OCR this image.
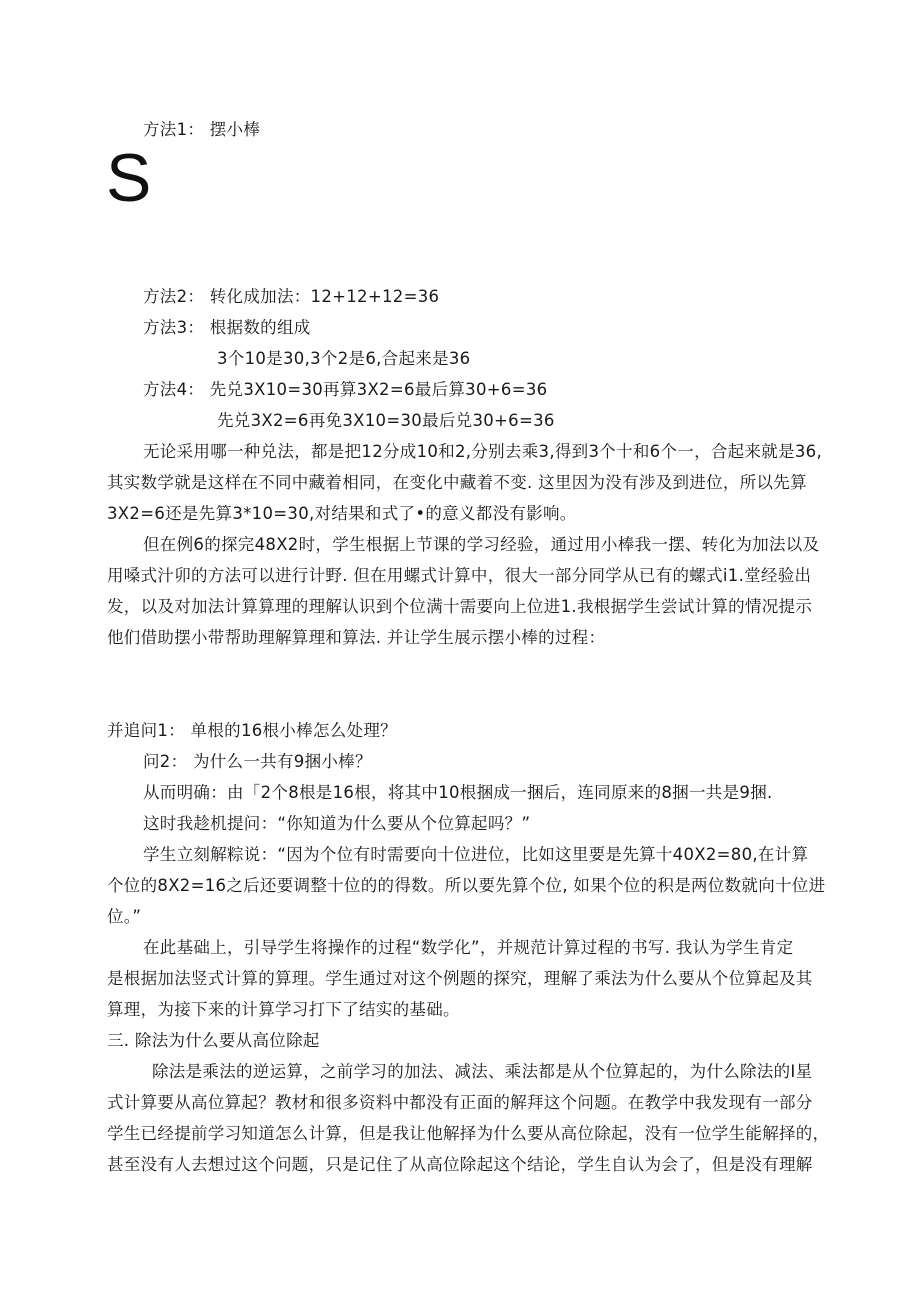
方法1： 摆小棒
S
方法2： 转化成加法：12+12+12=36
方法3： 根据数的组成
3个10是30,3个2是6,合起来是36
方法4： 先兑3X10=30再算3X2=6最后算30+6=36
先兑3X2=6再免3X10=30最后兑30+6=36
无论采用哪一种兑法，都是把12分成10和2,分别去乘3,得到3个十和6个一，合起来就是36,
其实数学就是这样在不同中藏着相同，在变化中藏着不变. 这里因为没有涉及到进位，所以先算
3X2=6还是先算3*10=30,对结果和式了•的意义都没有影响。
但在例6的探完48X2时，学生根据上节课的学习经验，通过用小棒我一摆、转化为加法以及
用嗓式汁卯的方法可以进行计野. 但在用螺式计算中，很大一部分同学从已有的螺式i1.堂经验出
发，以及对加法计算算理的理解认识到个位满十需要向上位进1.我根据学生尝试计算的情况提示
他们借助摆小带帮助理解算理和算法. 并让学生展示摆小棒的过程：
并追问1： 单根的16根小棒怎么处理？
问2： 为什么一共有9捆小棒？
从而明确：由「2个8根是16根，将其中10根捆成一捆后，连同原来的8捆一共是9捆.
这时我趁机提问：“你知道为什么要从个位算起吗？”
学生立刻解粽说：“因为个位有时需要向十位进位，比如这里要是先算十40X2=80,在计算
个位的8X2=16之后还要调整十位的的得数。所以要先算个位, 如果个位的积是两位数就向十位进
位。”
在此基础上，引导学生将操作的过程“数学化”，并规范计算过程的书写. 我认为学生肯定
是根据加法竖式计算的算理。学生通过对这个例题的探究，理解了乘法为什么要从个位算起及其
算理，为接下来的计算学习打下了结实的基础。
三. 除法为什么要从高位除起
除法是乘法的逆运算，之前学习的加法、减法、乘法都是从个位算起的，为什么除法的I星
式计算要从高位算起？教材和很多资料中都没有正面的解拜这个问题。在教学中我发现有一部分
学生已经提前学习知道怎么计算，但是我让他解择为什么要从高位除起，没有一位学生能解择的，
甚至没有人去想过这个问题，只是记住了从高位除起这个结论，学生自认为会了，但是没有理解
